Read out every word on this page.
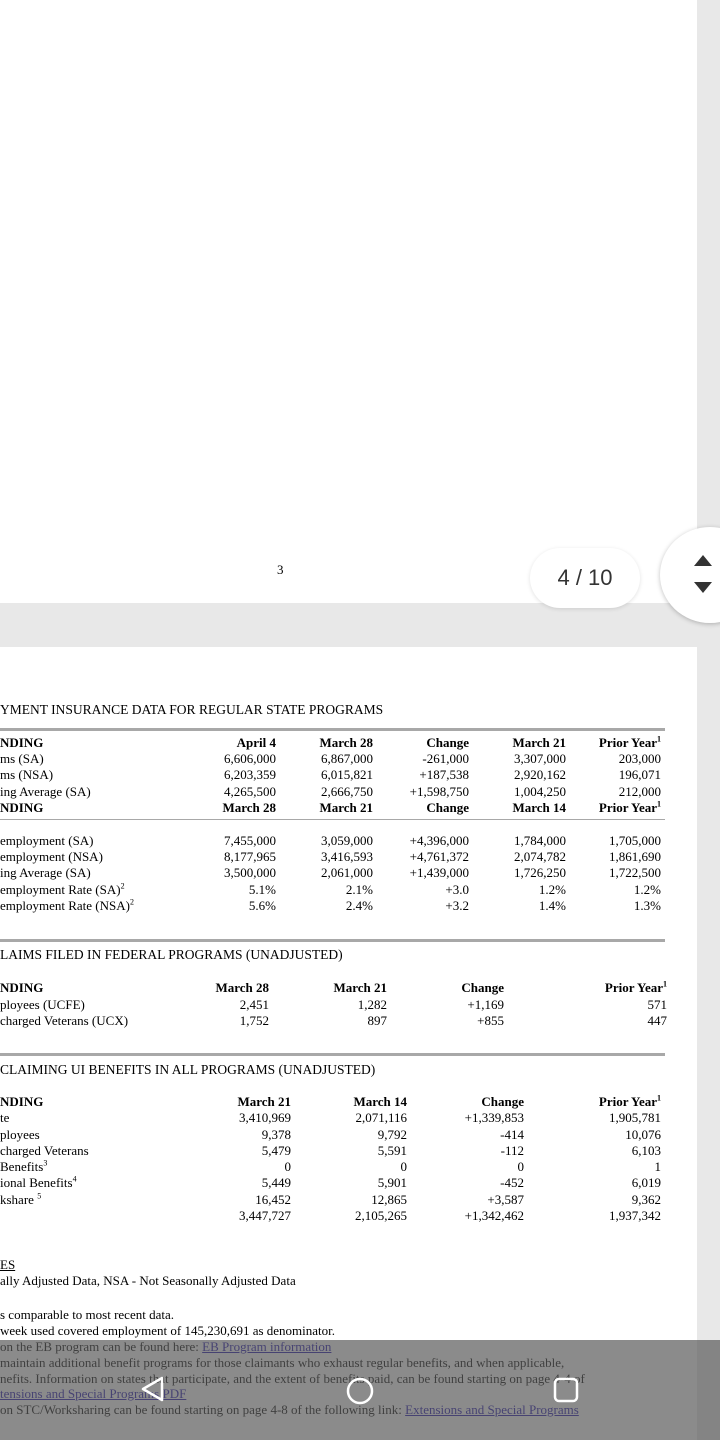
3	4 / 10
YMENT INSURANCE DATA FOR REGULAR STATE PROGRAMS
NDING	April 4	March 28	Change	March 21	Prior Year$^1$
ms (SA)	6,606,000	6,867,000	-261,000	3,307,000	203,000
ms (NSA)	6,203,359	6,015,821	+187,538	2,920,162	196,071
ing Average (SA)	4,265,500	2,666,750	+1,598,750	1,004,250	212,000
NDING	March 28	March 21	Change	March 14	Prior Year$^1$
employment (SA)	7,455,000	3,059,000	+4,396,000	1,784,000	1,705,000
employment (NSA)	8,177,965	3,416,593	+4,761,372	2,074,782	1,861,690
ing Average (SA)	3,500,000	2,061,000	+1,439,000	1,726,250	1,722,500
employment Rate (SA)$^2$	5.1%	2.1%	+3.0	1.2%	1.2%
employment Rate (NSA)$^2$	5.6%	2.4%	+3.2	1.4%	1.3%
LAIMS FILED IN FEDERAL PROGRAMS (UNADJUSTED)
NDING	March 28	March 21	Change	Prior Year$^1$
ployees (UCFE)	2,451	1,282	+1,169	571
charged Veterans (UCX)	1,752	897	+855	447
CLAIMING UI BENEFITS IN ALL PROGRAMS (UNADJUSTED)
NDING	March 21	March 14	Change	Prior Year$^1$
te	3,410,969	2,071,116	+1,339,853	1,905,781
ployees	9,378	9,792	-414	10,076
charged Veterans	5,479	5,591	-112	6,103
Benefits$^3$	0	0	0	1
ional Benefits$^4$	5,449	5,901	-452	6,019
kshare $^5$	16,452	12,865	+3,587	9,362
3,447,727	2,105,265	+1,342,462	1,937,342
ES
ally Adjusted Data, NSA - Not Seasonally Adjusted Data
s comparable to most recent data.
week used covered employment of 145,230,691 as denominator.
